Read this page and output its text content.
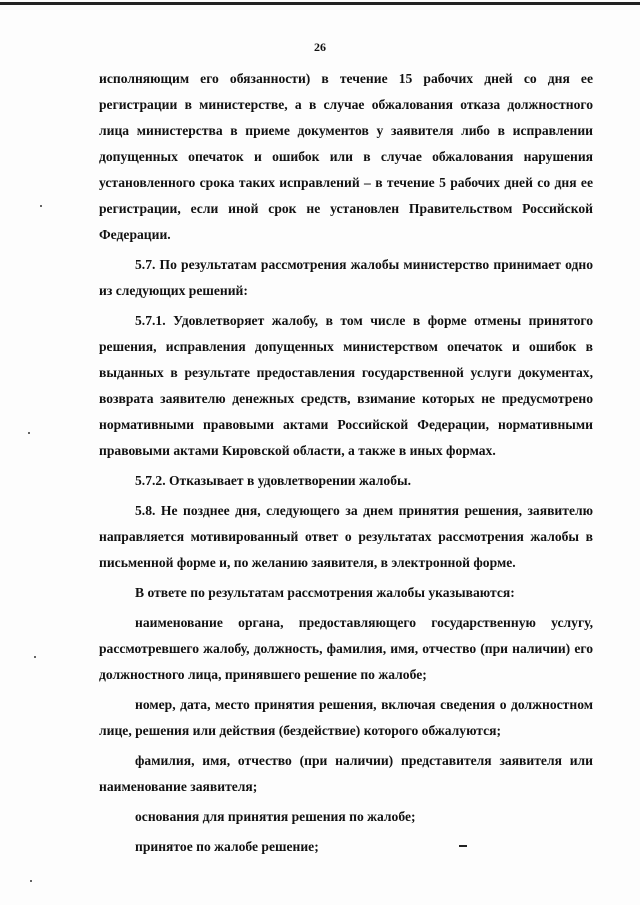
26

исполняющим его обязанности) в течение 15 рабочих дней со дня ее регистрации в министерстве, а в случае обжалования отказа должностного лица министерства в приеме документов у заявителя либо в исправлении допущенных опечаток и ошибок или в случае обжалования нарушения установленного срока таких исправлений – в течение 5 рабочих дней со дня ее регистрации, если иной срок не установлен Правительством Российской Федерации.

5.7. По результатам рассмотрения жалобы министерство принимает одно из следующих решений:

5.7.1. Удовлетворяет жалобу, в том числе в форме отмены принятого решения, исправления допущенных министерством опечаток и ошибок в выданных в результате предоставления государственной услуги документах, возврата заявителю денежных средств, взимание которых не предусмотрено нормативными правовыми актами Российской Федерации, нормативными правовыми актами Кировской области, а также в иных формах.

5.7.2. Отказывает в удовлетворении жалобы.

5.8. Не позднее дня, следующего за днем принятия решения, заявителю направляется мотивированный ответ о результатах рассмотрения жалобы в письменной форме и, по желанию заявителя, в электронной форме.

В ответе по результатам рассмотрения жалобы указываются:

наименование органа, предоставляющего государственную услугу, рассмотревшего жалобу, должность, фамилия, имя, отчество (при наличии) его должностного лица, принявшего решение по жалобе;

номер, дата, место принятия решения, включая сведения о должностном лице, решения или действия (бездействие) которого обжалуются;

фамилия, имя, отчество (при наличии) представителя заявителя или наименование заявителя;

основания для принятия решения по жалобе;

принятое по жалобе решение;
